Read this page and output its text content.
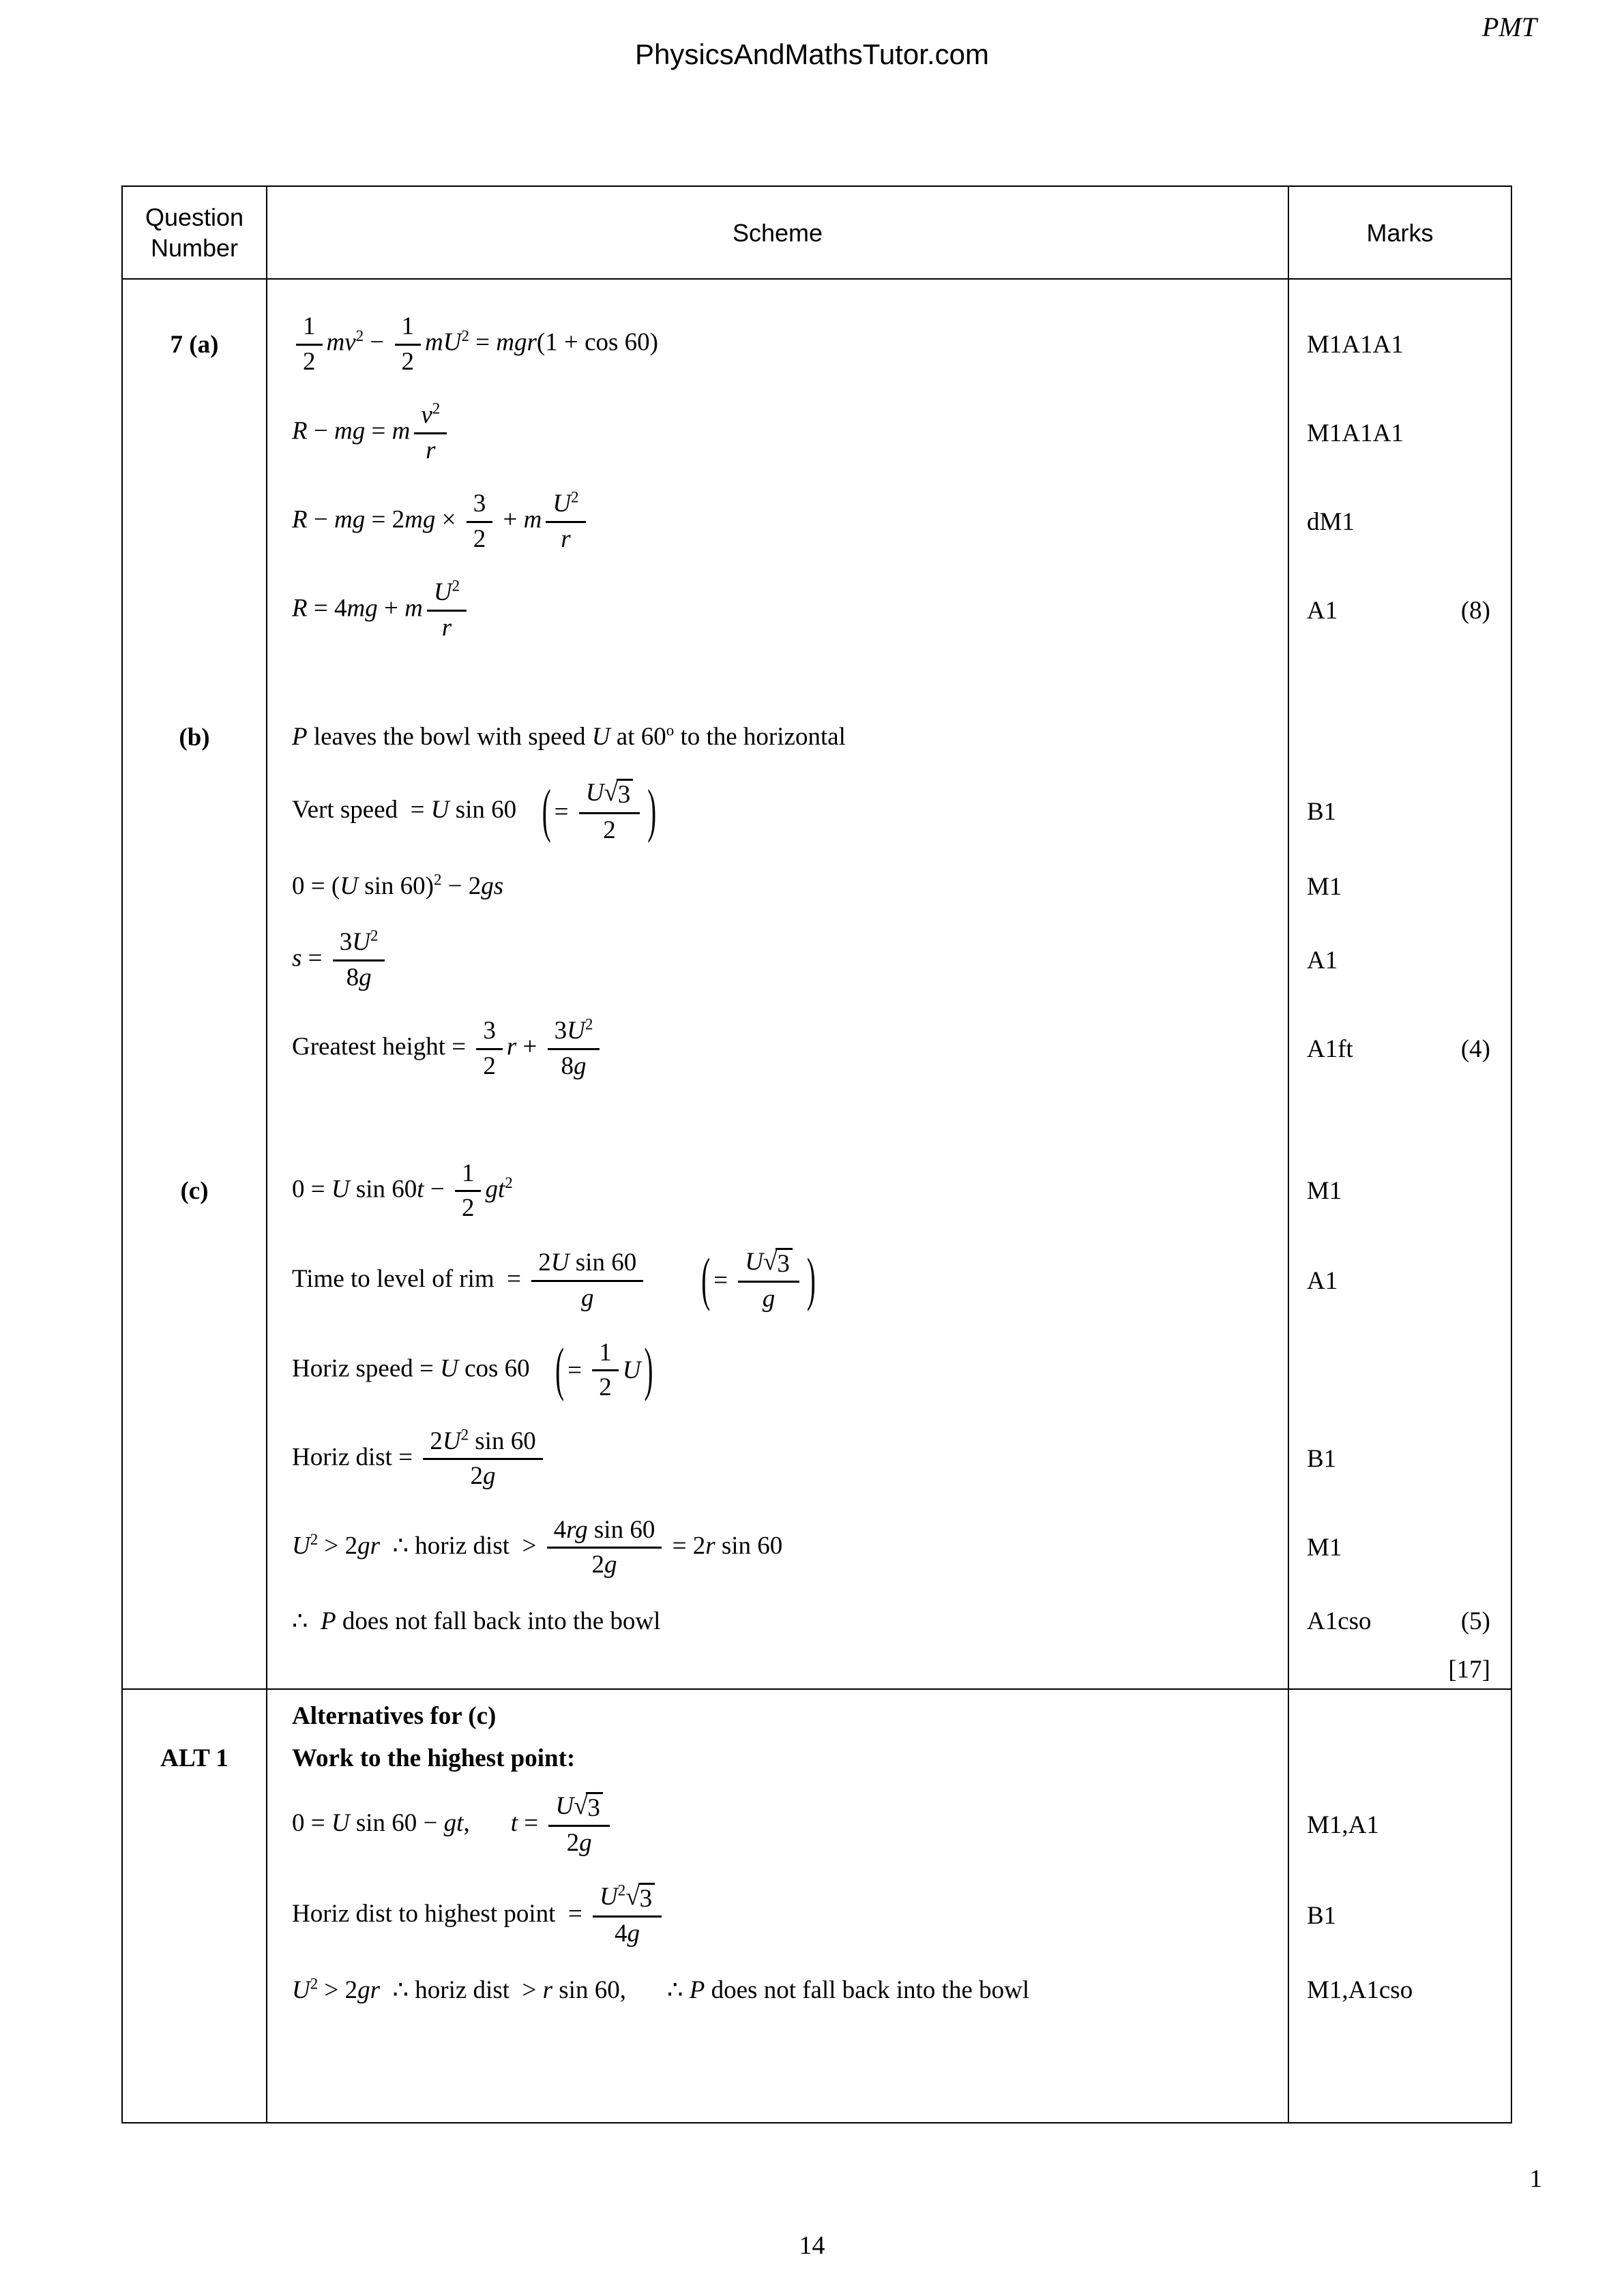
PMT
PhysicsAndMathsTutor.com
Question Number
Scheme	Marks
7 (a)	$\frac{1}{2} mv^2 - \frac{1}{2} mU^2 = mgr(1 + \cos 60)$	M1A1A1
R − mg = m $\frac{v^2}{r}$	M1A1A1
R − mg = $2mg \times \frac{3}{2} + m \frac{U^2}{r}$	dM1
R = 4mg + m $\frac{U^2}{r}$	A1	(8)
(b)	P leaves the bowl with speed U at 60$^o$ to the horizontal
Vert speed  = U sin 60 ( = $\frac{U √ 3}{2}$ )	B1
0 = (U sin 60)$^2$ − 2gs	M1
$s = \frac{3U^2}{8g}$	A1
Greatest height = $\frac{3}{2}$ $r + \frac{3U^2}{8g}$	A1ft	(4)
(c)	0 = U $\sin 60t - \frac{1}{2} gt^2$	M1
Time to level of rim  = $\frac{\text{2U sin 60}}{g}$ ( = $\frac{U √ 3}{g}$ )	A1
Horiz speed = U cos 60 ( = $\frac{1}{2}$ U )
Horiz dist = $\frac{2U^2 \sin 60}{2g}$	B1
$U^2 > 2gr$  ∴ horiz dist  > $\frac{\text{4rg sin 60}}{2g} = 2r$ sin 60	M1
∴  P does not fall back into the bowl	A1cso	(5)
[17]
Alternatives for (c)
ALT 1	Work to the highest point:
0 = U sin 60 − gt, $t = \frac{U √ 3}{2g}$	M1,A1
Horiz dist to highest point  = $\frac{U^2 √ 3}{4g}$	B1
$U^2 > 2gr$  ∴ horiz dist  > r sin 60, ∴ P does not fall back into the bowl	M1,A1cso
1
14
